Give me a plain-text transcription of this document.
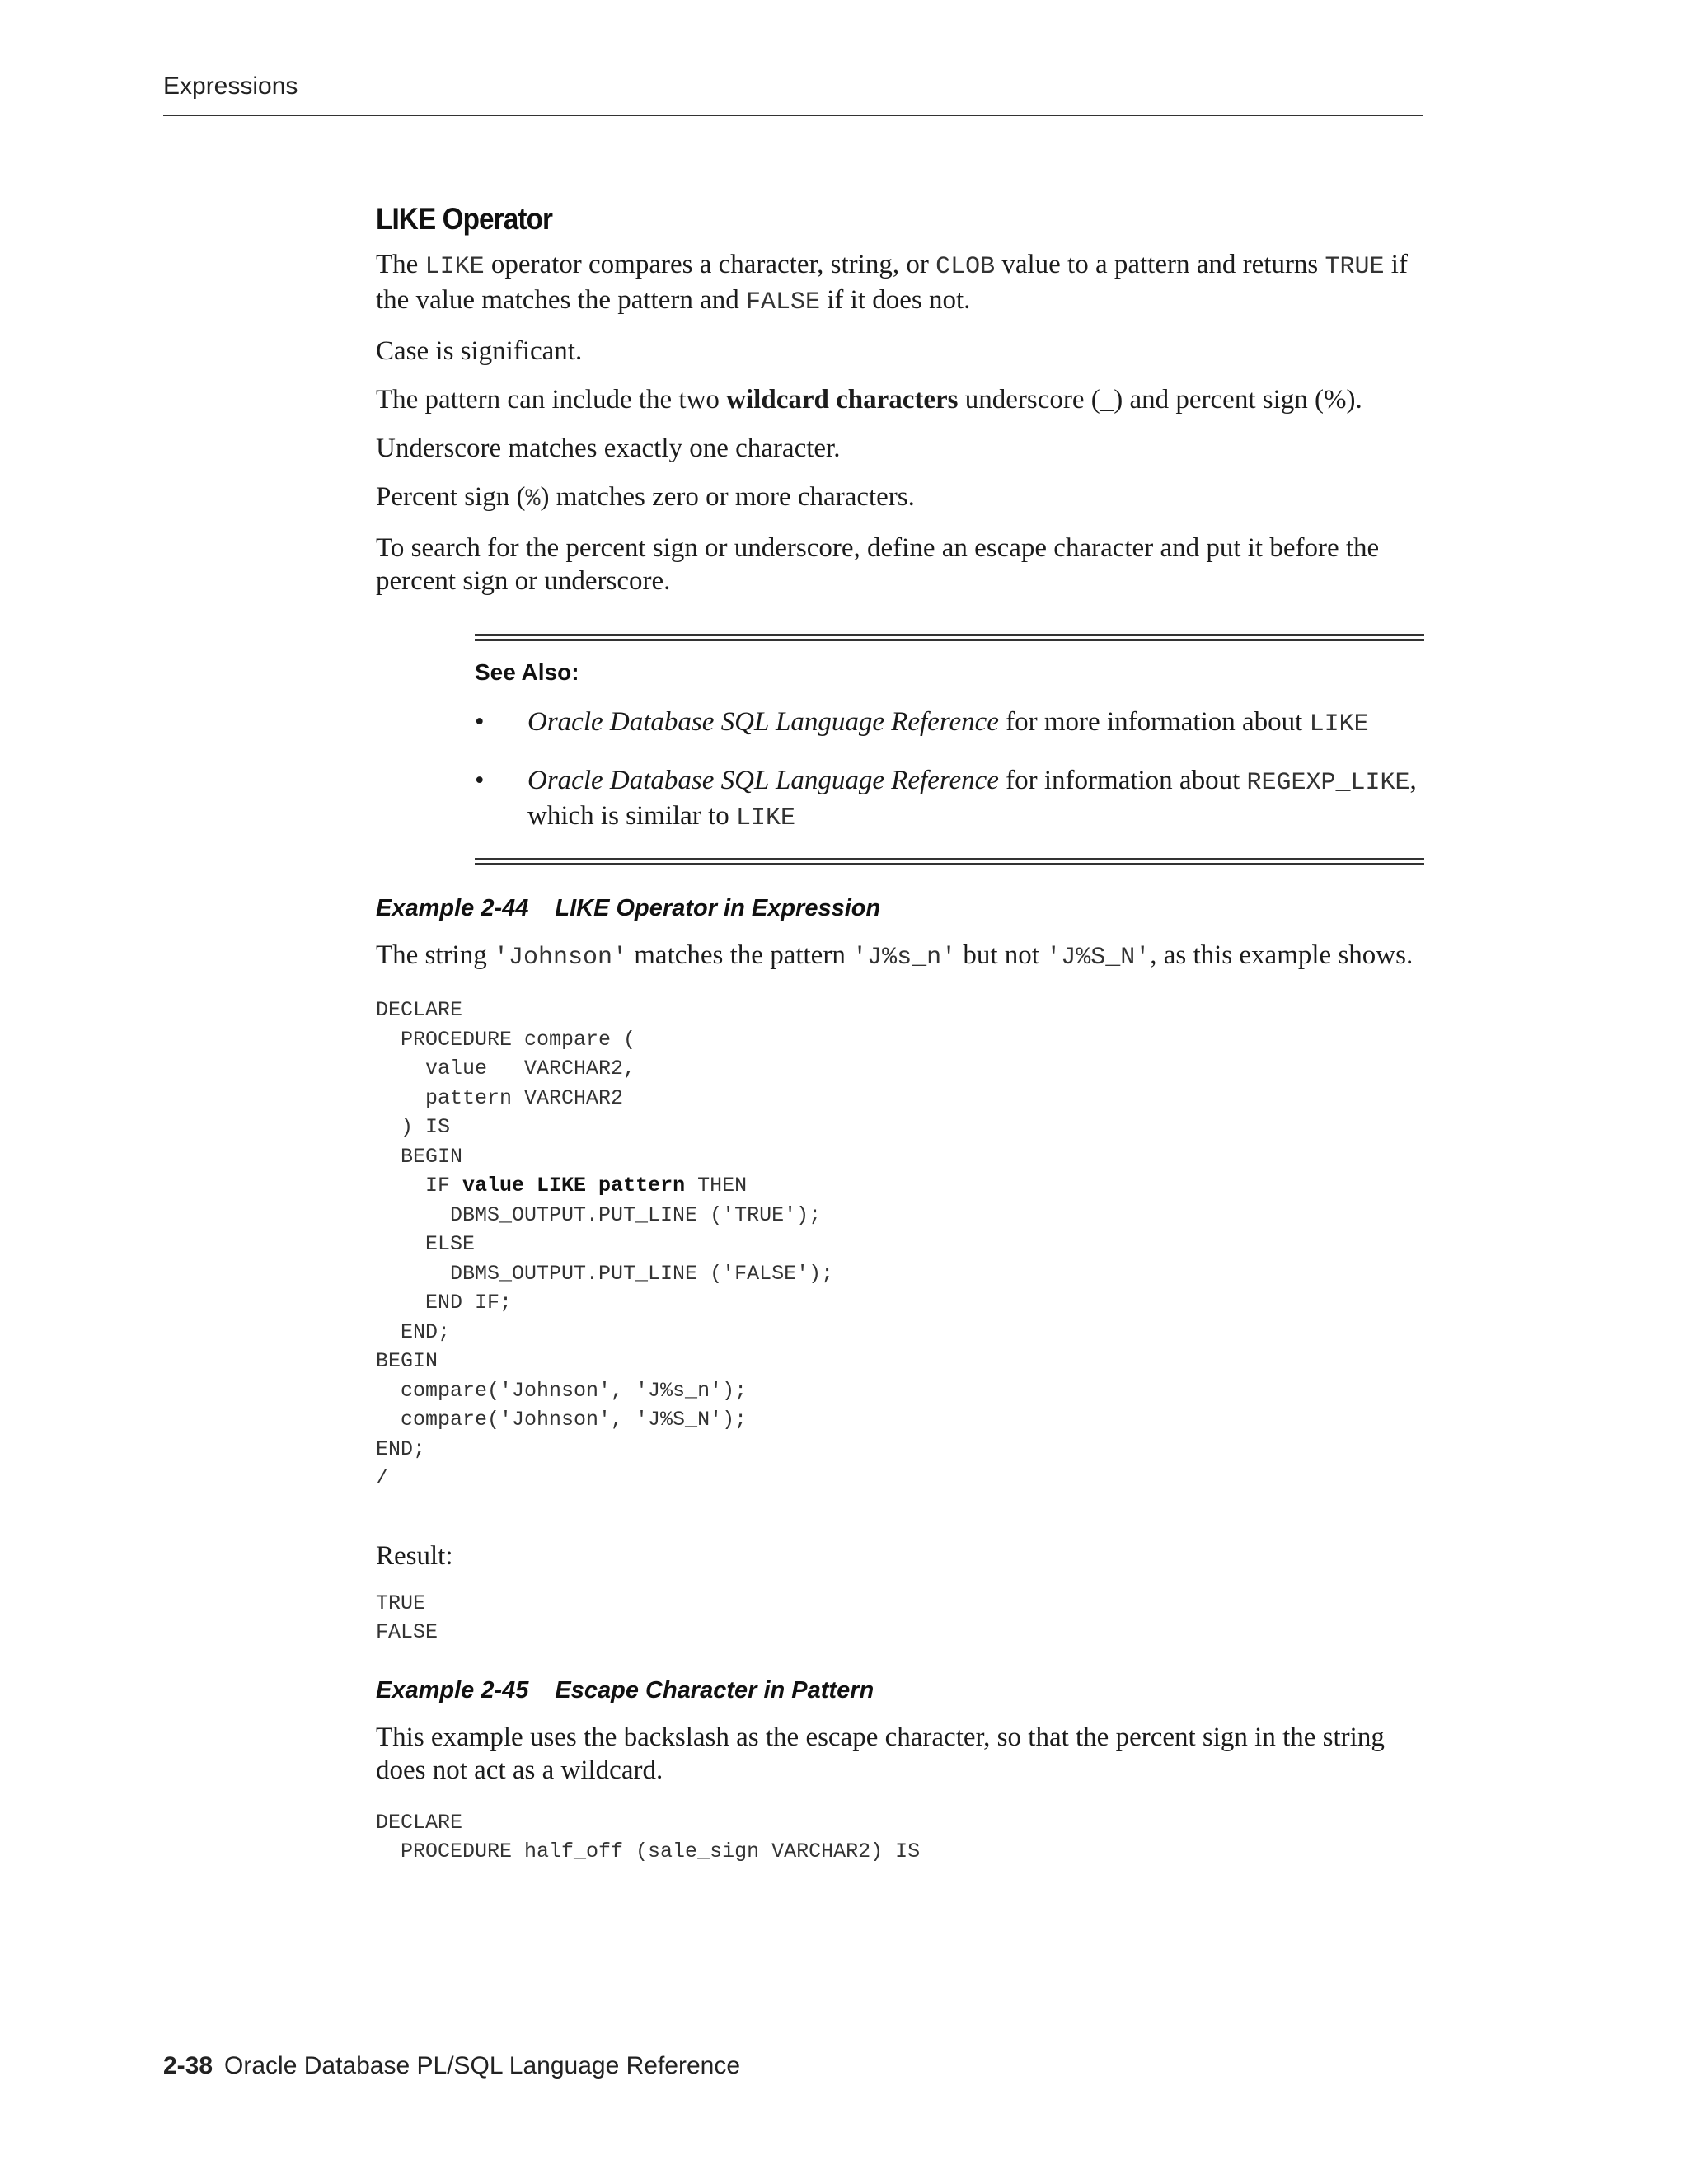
Expressions
LIKE Operator

The LIKE operator compares a character, string, or CLOB value to a pattern and returns TRUE if the value matches the pattern and FALSE if it does not.

Case is significant.

The pattern can include the two wildcard characters underscore (_) and percent sign (%).

Underscore matches exactly one character.

Percent sign (%) matches zero or more characters.

To search for the percent sign or underscore, define an escape character and put it before the percent sign or underscore.

See Also:
• Oracle Database SQL Language Reference for more information about LIKE
• Oracle Database SQL Language Reference for information about REGEXP_LIKE, which is similar to LIKE
Example 2-44 LIKE Operator in Expression

The string 'Johnson' matches the pattern 'J%s_n' but not 'J%S_N', as this example shows.

DECLARE
PROCEDURE compare (
value   VARCHAR2,
pattern VARCHAR2
) IS
BEGIN
IF value LIKE pattern THEN
DBMS_OUTPUT.PUT_LINE ('TRUE');
ELSE
DBMS_OUTPUT.PUT_LINE ('FALSE');
END IF;
END;
BEGIN
compare('Johnson', 'J%s_n');
compare('Johnson', 'J%S_N');
END;
/

Result:

TRUE
FALSE
Example 2-45 Escape Character in Pattern

This example uses the backslash as the escape character, so that the percent sign in the string does not act as a wildcard.

DECLARE
PROCEDURE half_off (sale_sign VARCHAR2) IS
2-38 Oracle Database PL/SQL Language Reference
